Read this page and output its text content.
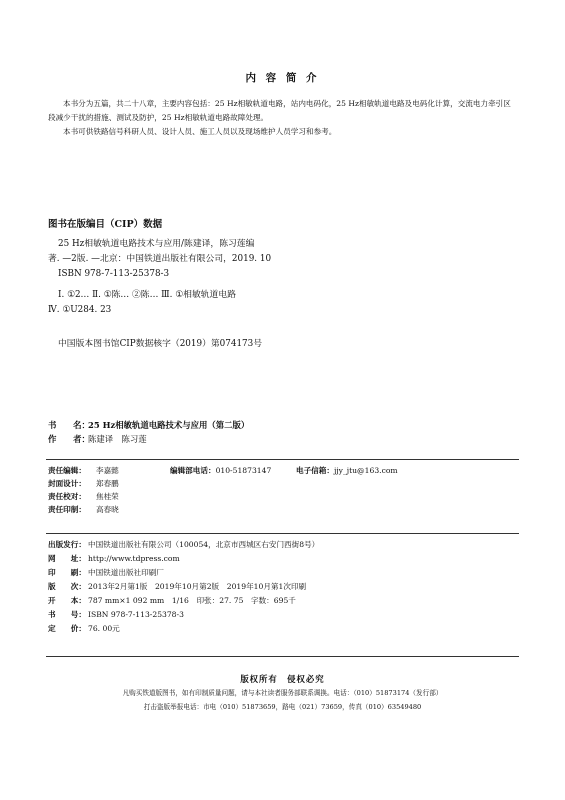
内 容 简 介

本书分为五篇，共二十八章，主要内容包括：25 Hz相敏轨道电路，站内电码化，25 Hz相敏轨道电路及电码化计算，交流电力牵引区段减少干扰的措施、测试及防护，25 Hz相敏轨道电路故障处理。

本书可供铁路信号科研人员、设计人员、施工人员以及现场维护人员学习和参考。

图书在版编目（CIP）数据
25 Hz相敏轨道电路技术与应用/陈建译，陈习莲编
著. —2版. —北京：中国铁道出版社有限公司，2019. 10
ISBN 978-7-113-25378-3
Ⅰ. ①2… Ⅱ. ①陈… ②陈… Ⅲ. ①相敏轨道电路
Ⅳ. ①U284. 23
中国版本图书馆CIP数据核字（2019）第074173号
书　　名：25 Hz相敏轨道电路技术与应用（第二版）
作　　者：陈建译　陈习莲
责任编辑： 李嘉懿	编辑部电话：010-51873147	电子信箱：jjy_jtu@163.com
封面设计： 郑春鹏
责任校对： 焦桂荣
责任印制： 高春晓
出版发行： 中国铁道出版社有限公司（100054，北京市西城区右安门西街8号）
网　　址： http://www.tdpress.com
印　　刷： 中国铁道出版社印刷厂
版　　次： 2013年2月第1版　2019年10月第2版　2019年10月第1次印刷
开　　本： 787 mm×1 092 mm　1/16　印张：27. 75　字数：695千
书　　号： ISBN 978-7-113-25378-3
定　　价： 76. 00元
版权所有　侵权必究
凡购买铁道版图书，如有印制质量问题，请与本社读者服务部联系调换。电话：（010）51873174（发行部）
打击盗版举报电话：市电（010）51873659，路电（021）73659，传真（010）63549480
